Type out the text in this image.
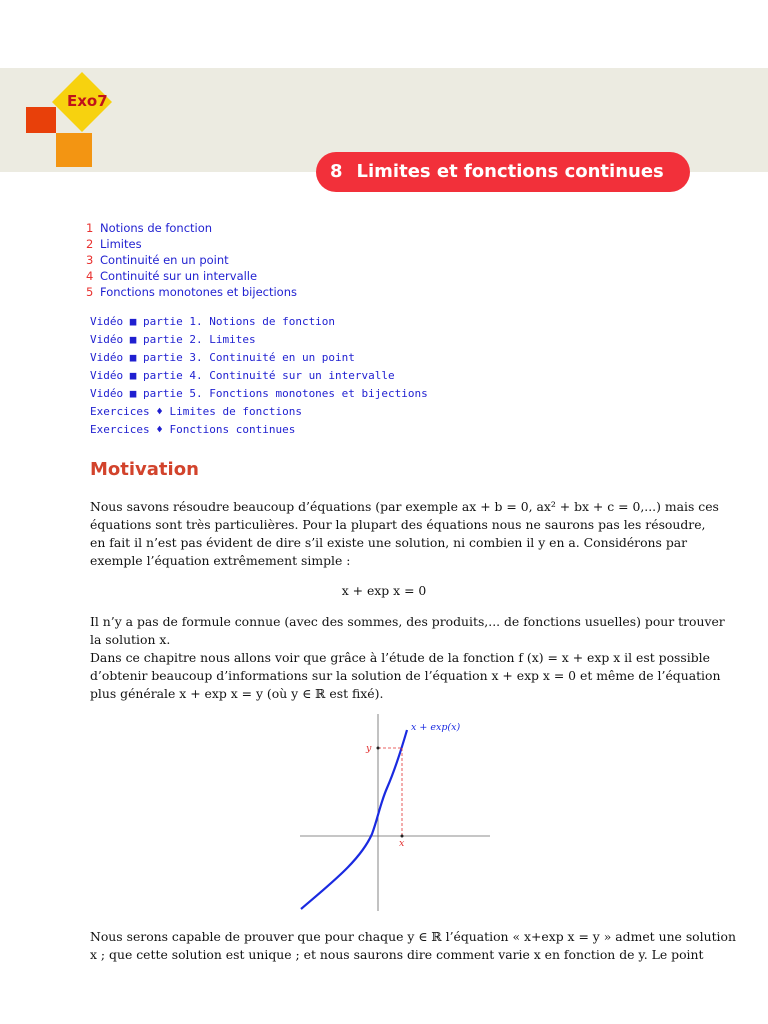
Exo7
8 Limites et fonctions continues
1 Notions de fonction
2 Limites
3 Continuité en un point
4 Continuité sur un intervalle
5 Fonctions monotones et bijections
Vidéo ■ partie 1. Notions de fonction
Vidéo ■ partie 2. Limites
Vidéo ■ partie 3. Continuité en un point
Vidéo ■ partie 4. Continuité sur un intervalle
Vidéo ■ partie 5. Fonctions monotones et bijections
Exercices ♦ Limites de fonctions
Exercices ♦ Fonctions continues
Motivation
Nous savons résoudre beaucoup d’équations (par exemple ax + b = 0, ax² + bx + c = 0,...) mais ces
équations sont très particulières. Pour la plupart des équations nous ne saurons pas les résoudre,
en fait il n’est pas évident de dire s’il existe une solution, ni combien il y en a. Considérons par
exemple l’équation extrêmement simple :
x + exp x = 0
Il n’y a pas de formule connue (avec des sommes, des produits,... de fonctions usuelles) pour trouver
la solution x.
Dans ce chapitre nous allons voir que grâce à l’étude de la fonction f (x) = x + exp x il est possible
d’obtenir beaucoup d’informations sur la solution de l’équation x + exp x = 0 et même de l’équation
plus générale x + exp x = y (où y ∈ ℝ est fixé).
x + exp(x)
y
x
Nous serons capable de prouver que pour chaque y ∈ ℝ l’équation « x+exp x = y » admet une solution
x ; que cette solution est unique ; et nous saurons dire comment varie x en fonction de y. Le point
